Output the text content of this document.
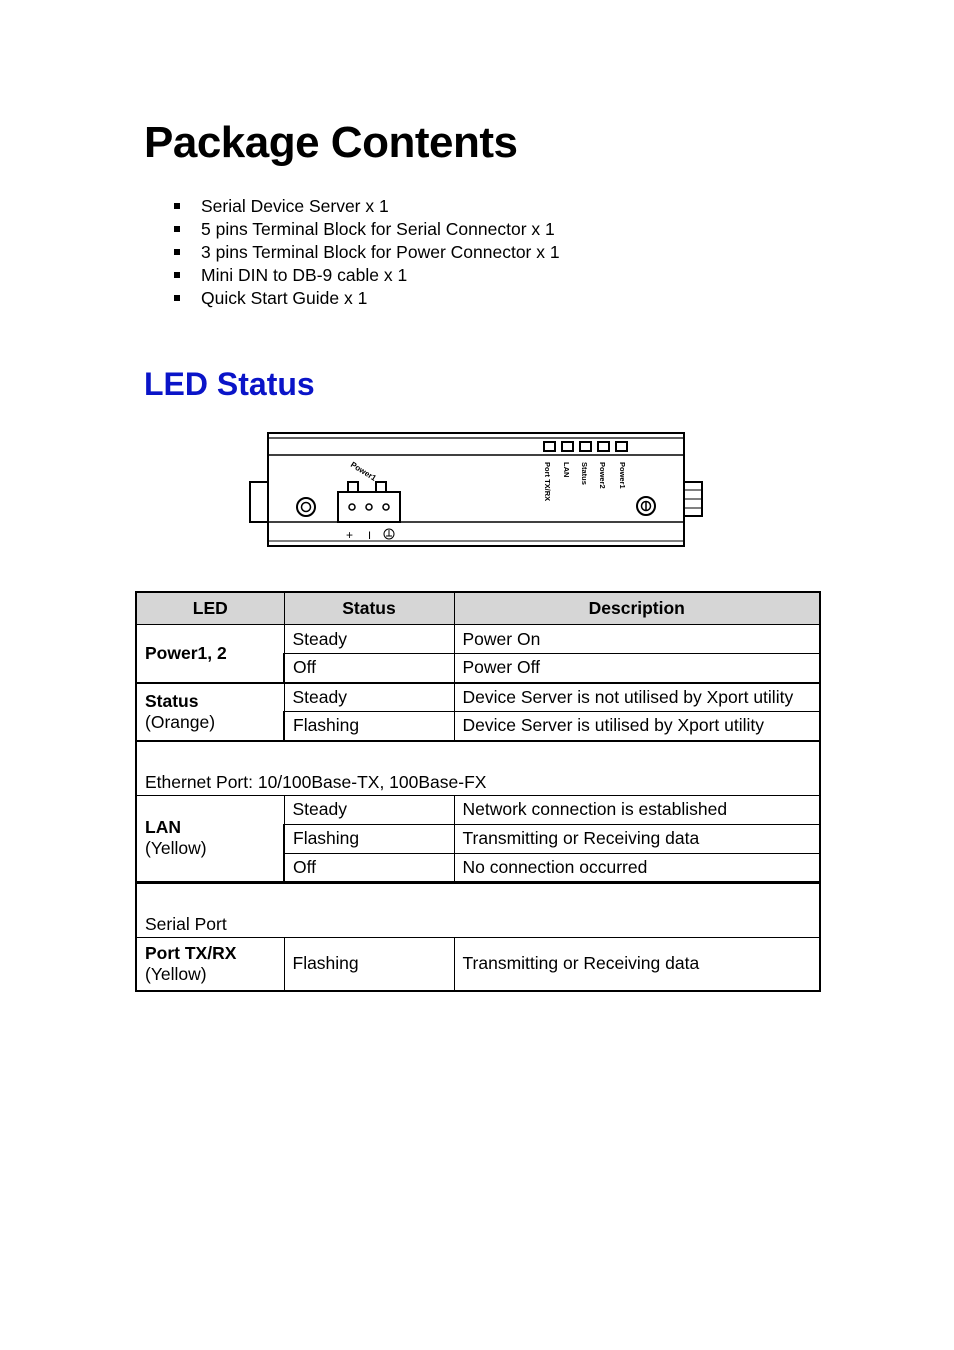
Package Contents
Serial Device Server x 1
5 pins Terminal Block for Serial Connector x 1
3 pins Terminal Block for Power Connector x 1
Mini DIN to DB-9 cable x 1
Quick Start Guide x 1
LED Status
Power1
+ I
Port TX/RX LAN Status Power2 Power1
LED	Status	Description

Power1, 2	Steady	Power On
	Off	Power Off

Status
(Orange)	Steady	Device Server is not utilised by Xport utility
	Flashing	Device Server is utilised by Xport utility
Ethernet Port: 10/100Base-TX, 100Base-FX		

LAN
(Yellow)	Steady	Network connection is established
	Flashing	Transmitting or Receiving data
	Off	No connection occurred
Serial Port		

Port TX/RX
(Yellow)	Flashing	Transmitting or Receiving data
